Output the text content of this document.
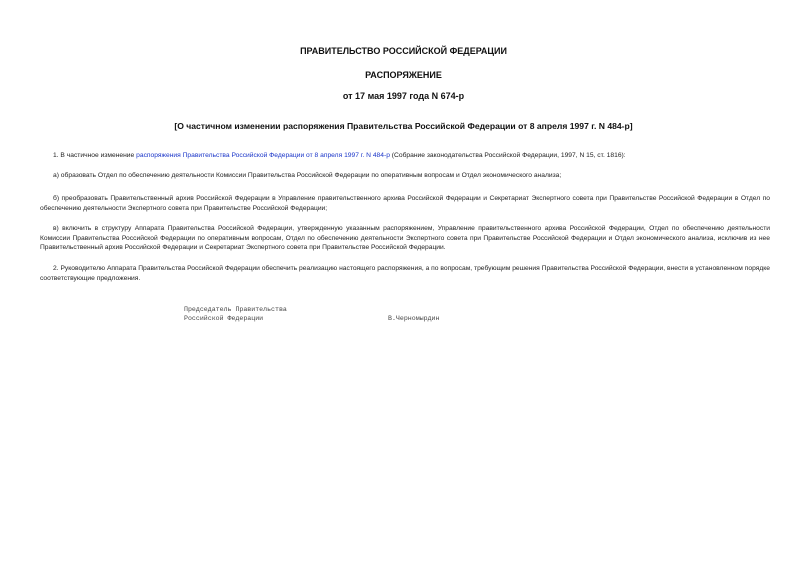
ПРАВИТЕЛЬСТВО РОССИЙСКОЙ ФЕДЕРАЦИИ
РАСПОРЯЖЕНИЕ
от 17 мая 1997 года N 674-р
[О частичном изменении распоряжения Правительства Российской Федерации от 8 апреля 1997 г. N 484-р]

1. В частичное изменение распоряжения Правительства Российской Федерации от 8 апреля 1997 г. N 484-р (Собрание законодательства Российской Федерации, 1997, N 15, ст. 1816):

а) образовать Отдел по обеспечению деятельности Комиссии Правительства Российской Федерации по оперативным вопросам и Отдел экономического анализа;

б) преобразовать Правительственный архив Российской Федерации в Управление правительственного архива Российской Федерации и Секретариат Экспертного совета при Правительстве Российской Федерации в Отдел по обеспечению деятельности Экспертного совета при Правительстве Российской Федерации;

в) включить в структуру Аппарата Правительства Российской Федерации, утвержденную указанным распоряжением, Управление правительственного архива Российской Федерации, Отдел по обеспечению деятельности Комиссии Правительства Российской Федерации по оперативным вопросам, Отдел по обеспечению деятельности Экспертного совета при Правительстве Российской Федерации и Отдел экономического анализа, исключив из нее Правительственный архив Российской Федерации и Секретариат Экспертного совета при Правительстве Российской Федерации.

2. Руководителю Аппарата Правительства Российской Федерации обеспечить реализацию настоящего распоряжения, а по вопросам, требующим решения Правительства Российской Федерации, внести в установленном порядке соответствующие предложения.

Председатель Правительства
Российской Федерации	В.Черномырдин
